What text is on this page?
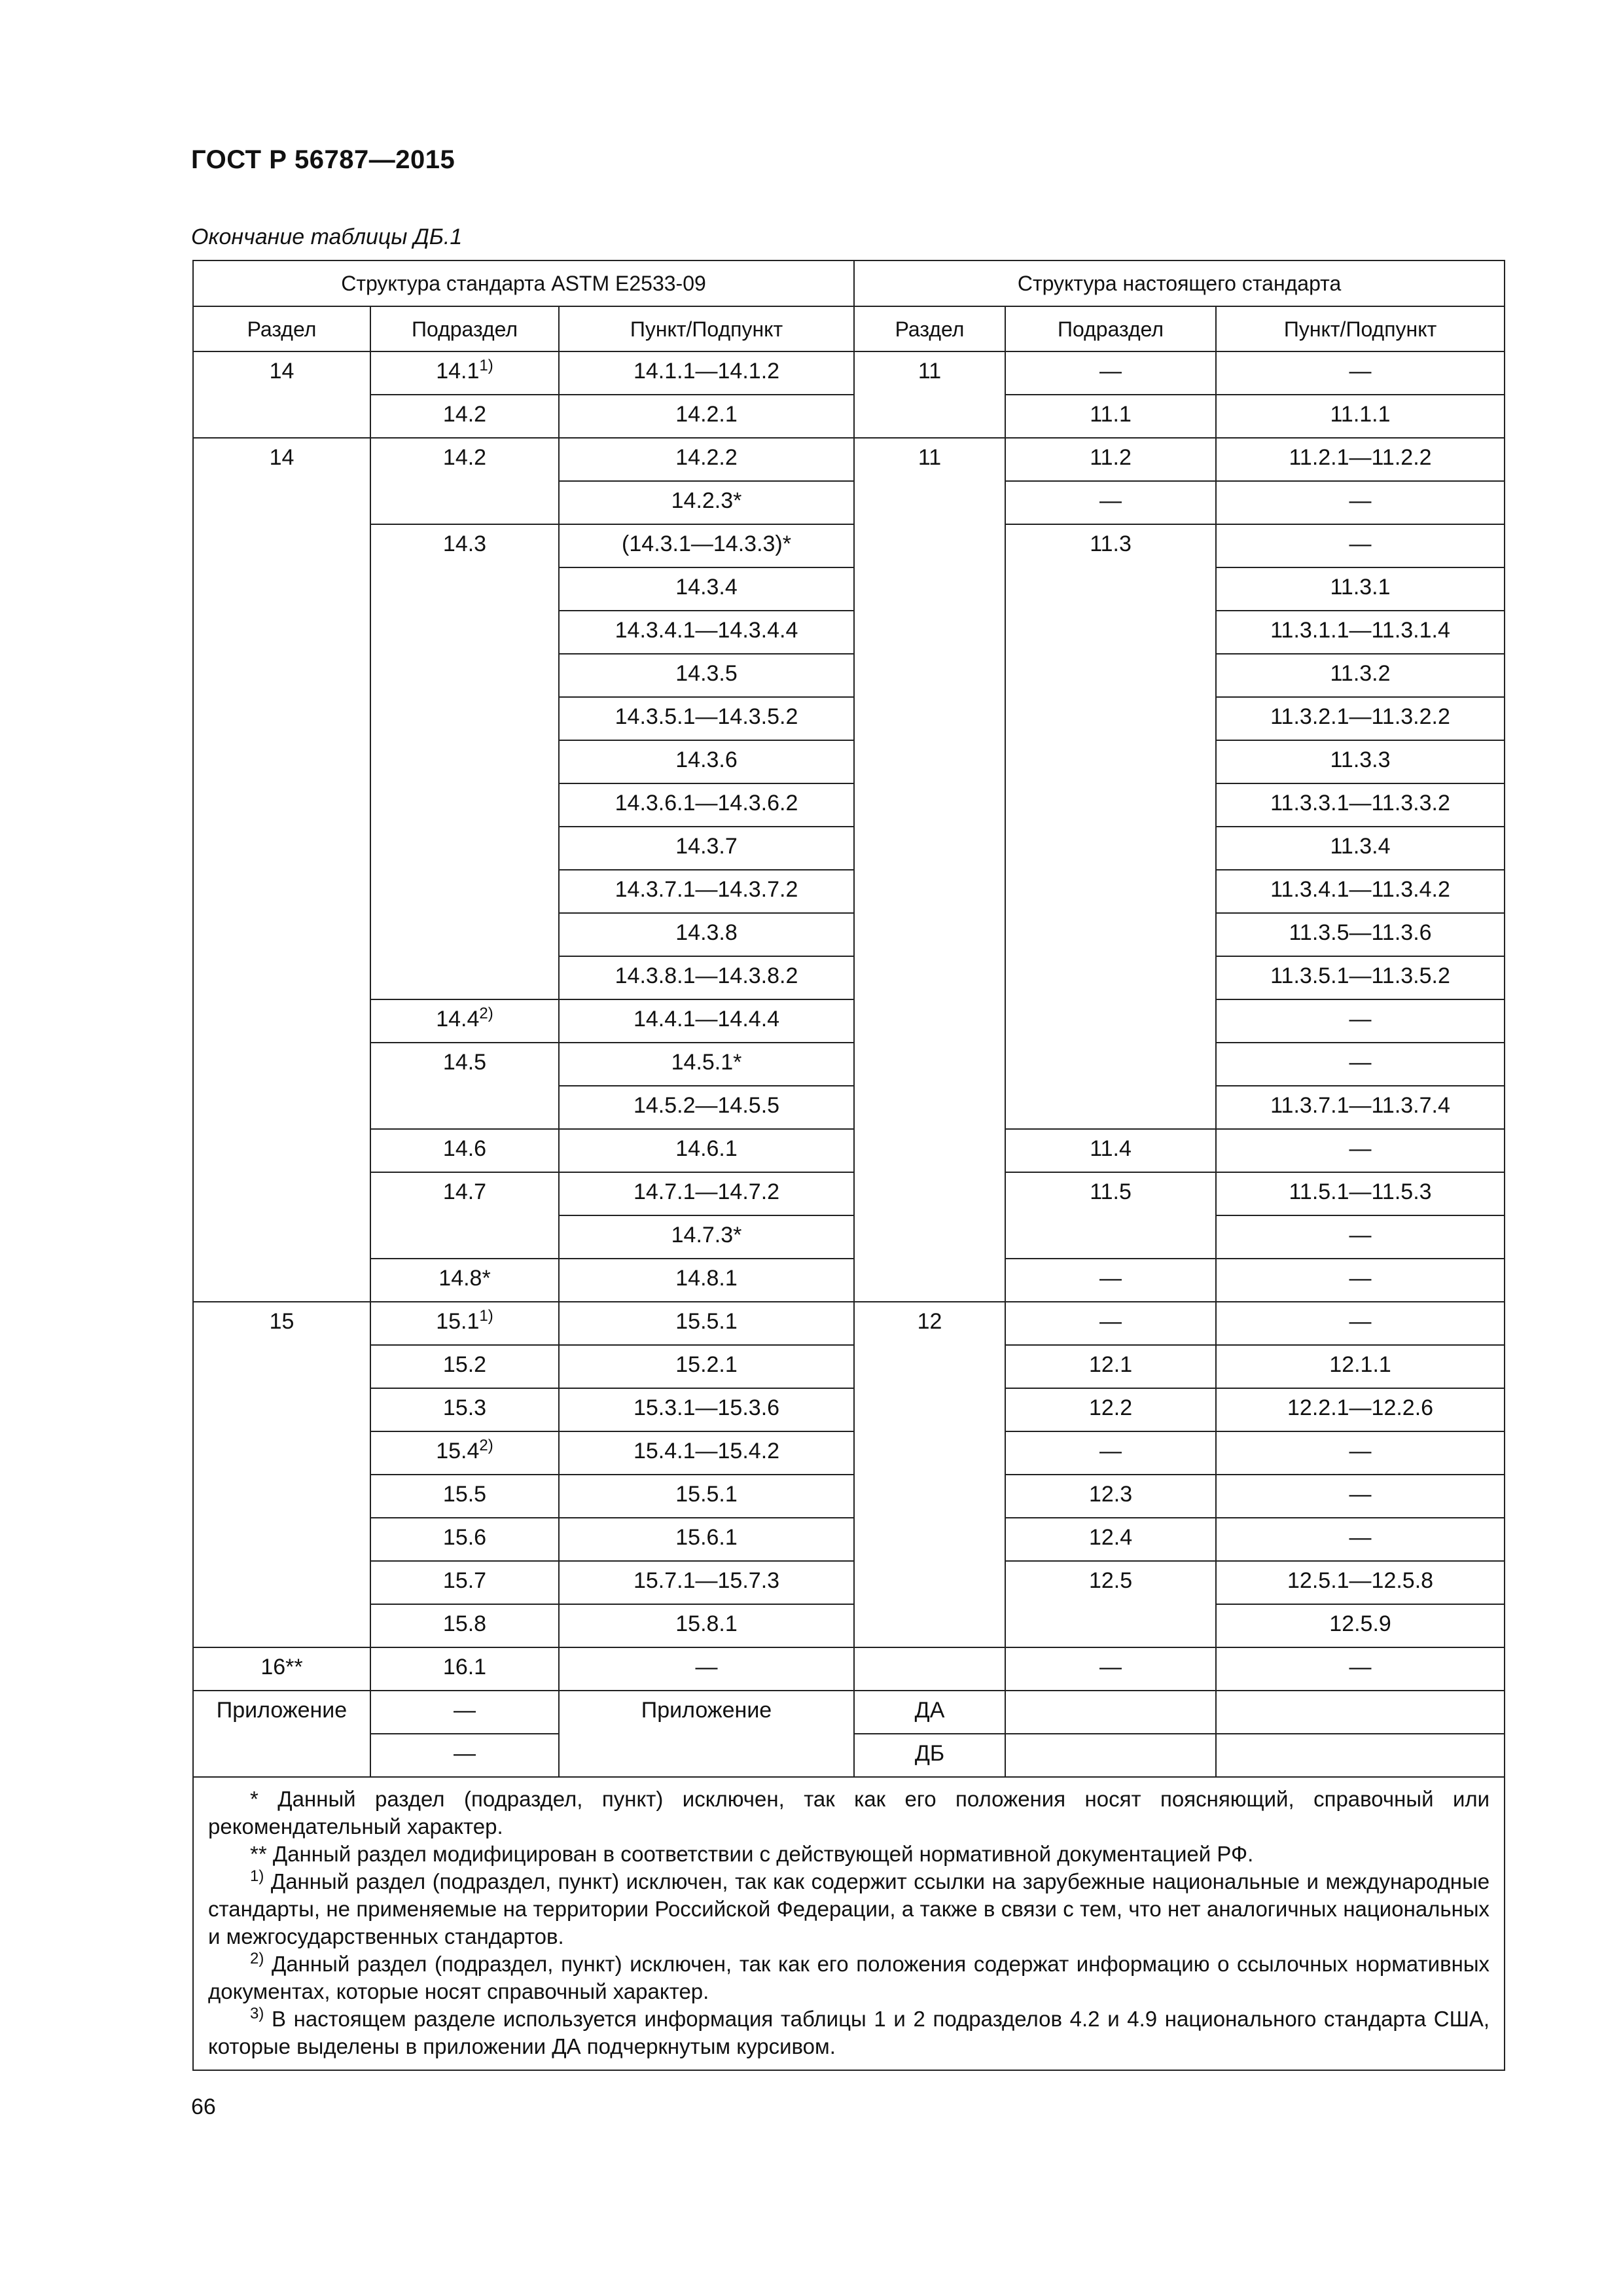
ГОСТ Р 56787—2015
Окончание таблицы ДБ.1
Структура стандарта ASTM E2533-09			Структура настоящего стандарта		
Раздел	Подраздел	Пункт/Подпункт	Раздел	Подраздел	Пункт/Подпункт
14	14.1$^{1)}$	14.1.1—14.1.2	11	—	—
	14.2	14.2.1		11.1	11.1.1
14	14.2	14.2.2	11	11.2	11.2.1—11.2.2
		14.2.3*		—	—
	14.3	(14.3.1—14.3.3)*		11.3	—
		14.3.4			11.3.1
		14.3.4.1—14.3.4.4			11.3.1.1—11.3.1.4
		14.3.5			11.3.2
		14.3.5.1—14.3.5.2			11.3.2.1—11.3.2.2
		14.3.6			11.3.3
		14.3.6.1—14.3.6.2			11.3.3.1—11.3.3.2
		14.3.7			11.3.4
		14.3.7.1—14.3.7.2			11.3.4.1—11.3.4.2
		14.3.8			11.3.5—11.3.6
		14.3.8.1—14.3.8.2			11.3.5.1—11.3.5.2
	14.4$^{2)}$	14.4.1—14.4.4			—
	14.5	14.5.1*			—
		14.5.2—14.5.5			11.3.7.1—11.3.7.4
	14.6	14.6.1		11.4	—
	14.7	14.7.1—14.7.2		11.5	11.5.1—11.5.3
		14.7.3*			—
	14.8*	14.8.1		—	—
15	15.1$^{1)}$	15.5.1	12	—	—
	15.2	15.2.1		12.1	12.1.1
	15.3	15.3.1—15.3.6		12.2	12.2.1—12.2.6
	15.4$^{2)}$	15.4.1—15.4.2		—	—
	15.5	15.5.1		12.3	—
	15.6	15.6.1		12.4	—
	15.7	15.7.1—15.7.3		12.5	12.5.1—12.5.8
	15.8	15.8.1			12.5.9
16**	16.1	—		—	—
Приложение	—	Приложение	ДА		
	—		ДБ		

* Данный раздел (подраздел, пункт) исключен, так как его положения носят поясняющий, справочный или рекомендательный характер.

** Данный раздел модифицирован в соответствии с действующей нормативной документацией РФ.

$^{1)}$ Данный раздел (подраздел, пункт) исключен, так как содержит ссылки на зарубежные национальные и международные стандарты, не применяемые на территории Российской Федерации, а также в связи с тем, что нет аналогичных национальных и межгосударственных стандартов.

$^{2)}$ Данный раздел (подраздел, пункт) исключен, так как его положения содержат информацию о ссылочных нормативных документах, которые носят справочный характер.

$^{3)}$ В настоящем разделе используется информация таблицы 1 и 2 подразделов 4.2 и 4.9 национального стандарта США, которые выделены в приложении ДА подчеркнутым курсивом.					

66
